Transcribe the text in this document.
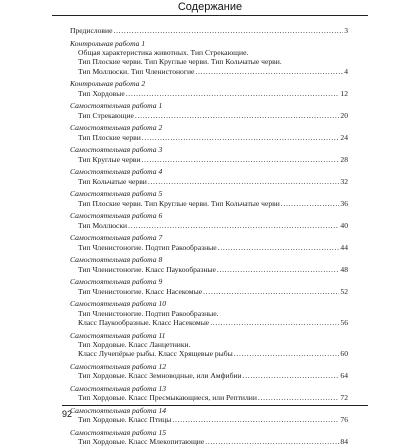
Содержание
Предисловие . . .	3
Контрольная работа 1
Общая характеристика животных. Тип Стрекающие.
Тип Плоские черви. Тип Круглые черви. Тип Кольчатые черви.
Тип Моллюски. Тип Членистоногие . . .	4
Контрольная работа 2
Тип Хордовые . . .	12
Самостоятельная работа 1
Тип Стрекающие . . .	20
Самостоятельная работа 2
Тип Плоские черви . . .	24
Самостоятельная работа 3
Тип Круглые черви . . .	28
Самостоятельная работа 4
Тип Кольчатые черви . . .	32
Самостоятельная работа 5
Тип Плоские черви. Тип Круглые черви. Тип Кольчатые черви . . .	36
Самостоятельная работа 6
Тип Моллюски . . .	40
Самостоятельная работа 7
Тип Членистоногие. Подтип Ракообразные . . .	44
Самостоятельная работа 8
Тип Членистоногие. Класс Паукообразные . . .	48
Самостоятельная работа 9
Тип Членистоногие. Класс Насекомые . . .	52
Самостоятельная работа 10
Тип Членистоногие. Подтип Ракообразные.
Класс Паукообразные. Класс Насекомые . . .	56
Самостоятельная работа 11
Тип Хордовые. Класс Ланцетники.
Класс Лучепёрые рыбы. Класс Хрящевые рыбы . . .	60
Самостоятельная работа 12
Тип Хордовые. Класс Земноводные, или Амфибии . . .	64
Самостоятельная работа 13
Тип Хордовые. Класс Пресмыкающиеся, или Рептилии . . .	72
Самостоятельная работа 14
Тип Хордовые. Класс Птицы . . .	76
Самостоятельная работа 15
Тип Хордовые. Класс Млекопитающие . . .	84
92
